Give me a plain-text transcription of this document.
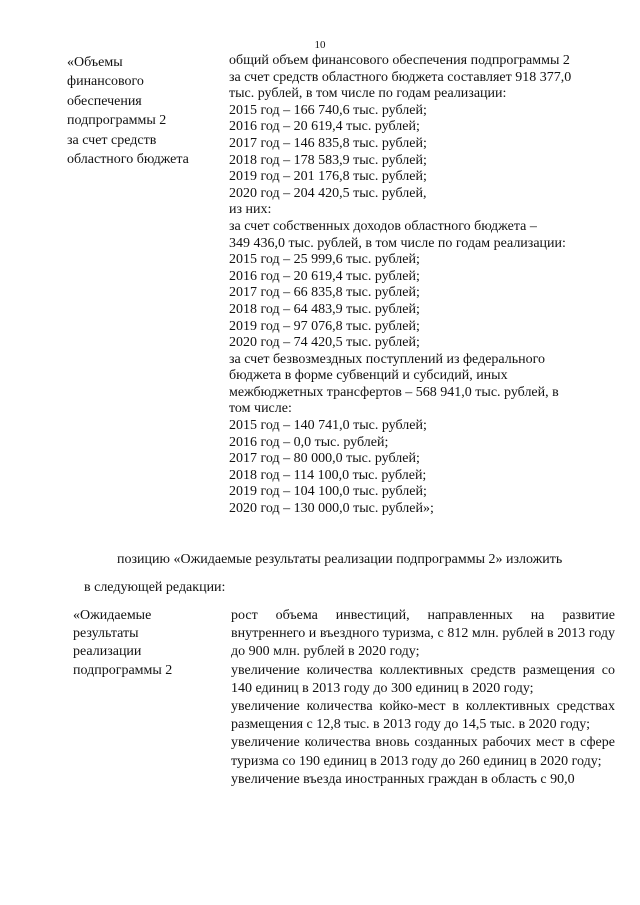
10
«Объемы
финансового
обеспечения
подпрограммы 2
за счет средств
областного бюджета
общий объем финансового обеспечения подпрограммы 2
за счет средств областного бюджета составляет 918 377,0
тыс. рублей, в том числе по годам реализации:
2015 год – 166 740,6 тыс. рублей;
2016 год – 20 619,4 тыс. рублей;
2017 год – 146 835,8 тыс. рублей;
2018 год – 178 583,9 тыс. рублей;
2019 год – 201 176,8 тыс. рублей;
2020 год – 204 420,5 тыс. рублей,
из них:
за счет собственных доходов областного бюджета –
349 436,0 тыс. рублей, в том числе по годам реализации:
2015 год – 25 999,6 тыс. рублей;
2016 год – 20 619,4 тыс. рублей;
2017 год – 66 835,8 тыс. рублей;
2018 год – 64 483,9 тыс. рублей;
2019 год – 97 076,8 тыс. рублей;
2020 год – 74 420,5 тыс. рублей;
за счет безвозмездных поступлений из федерального
бюджета в форме субвенций и субсидий, иных
межбюджетных трансфертов – 568 941,0 тыс. рублей, в
том числе:
2015 год – 140 741,0 тыс. рублей;
2016 год – 0,0 тыс. рублей;
2017 год – 80 000,0 тыс. рублей;
2018 год – 114 100,0 тыс. рублей;
2019 год – 104 100,0 тыс. рублей;
2020 год – 130 000,0 тыс. рублей»;
позицию «Ожидаемые результаты реализации подпрограммы 2» изложить
в следующей редакции:
«Ожидаемые
результаты
реализации
подпрограммы 2
рост объема инвестиций, направленных на развитие внутреннего и въездного туризма, с 812 млн. рублей в 2013 году до 900 млн. рублей в 2020 году;
увеличение количества коллективных средств размещения со 140 единиц в 2013 году до 300 единиц в 2020 году;
увеличение количества койко-мест в коллективных средствах размещения с 12,8 тыс. в 2013 году до 14,5 тыс. в 2020 году;
увеличение количества вновь созданных рабочих мест в сфере туризма со 190 единиц в 2013 году до 260 единиц в 2020 году;
увеличение въезда иностранных граждан в область с 90,0
